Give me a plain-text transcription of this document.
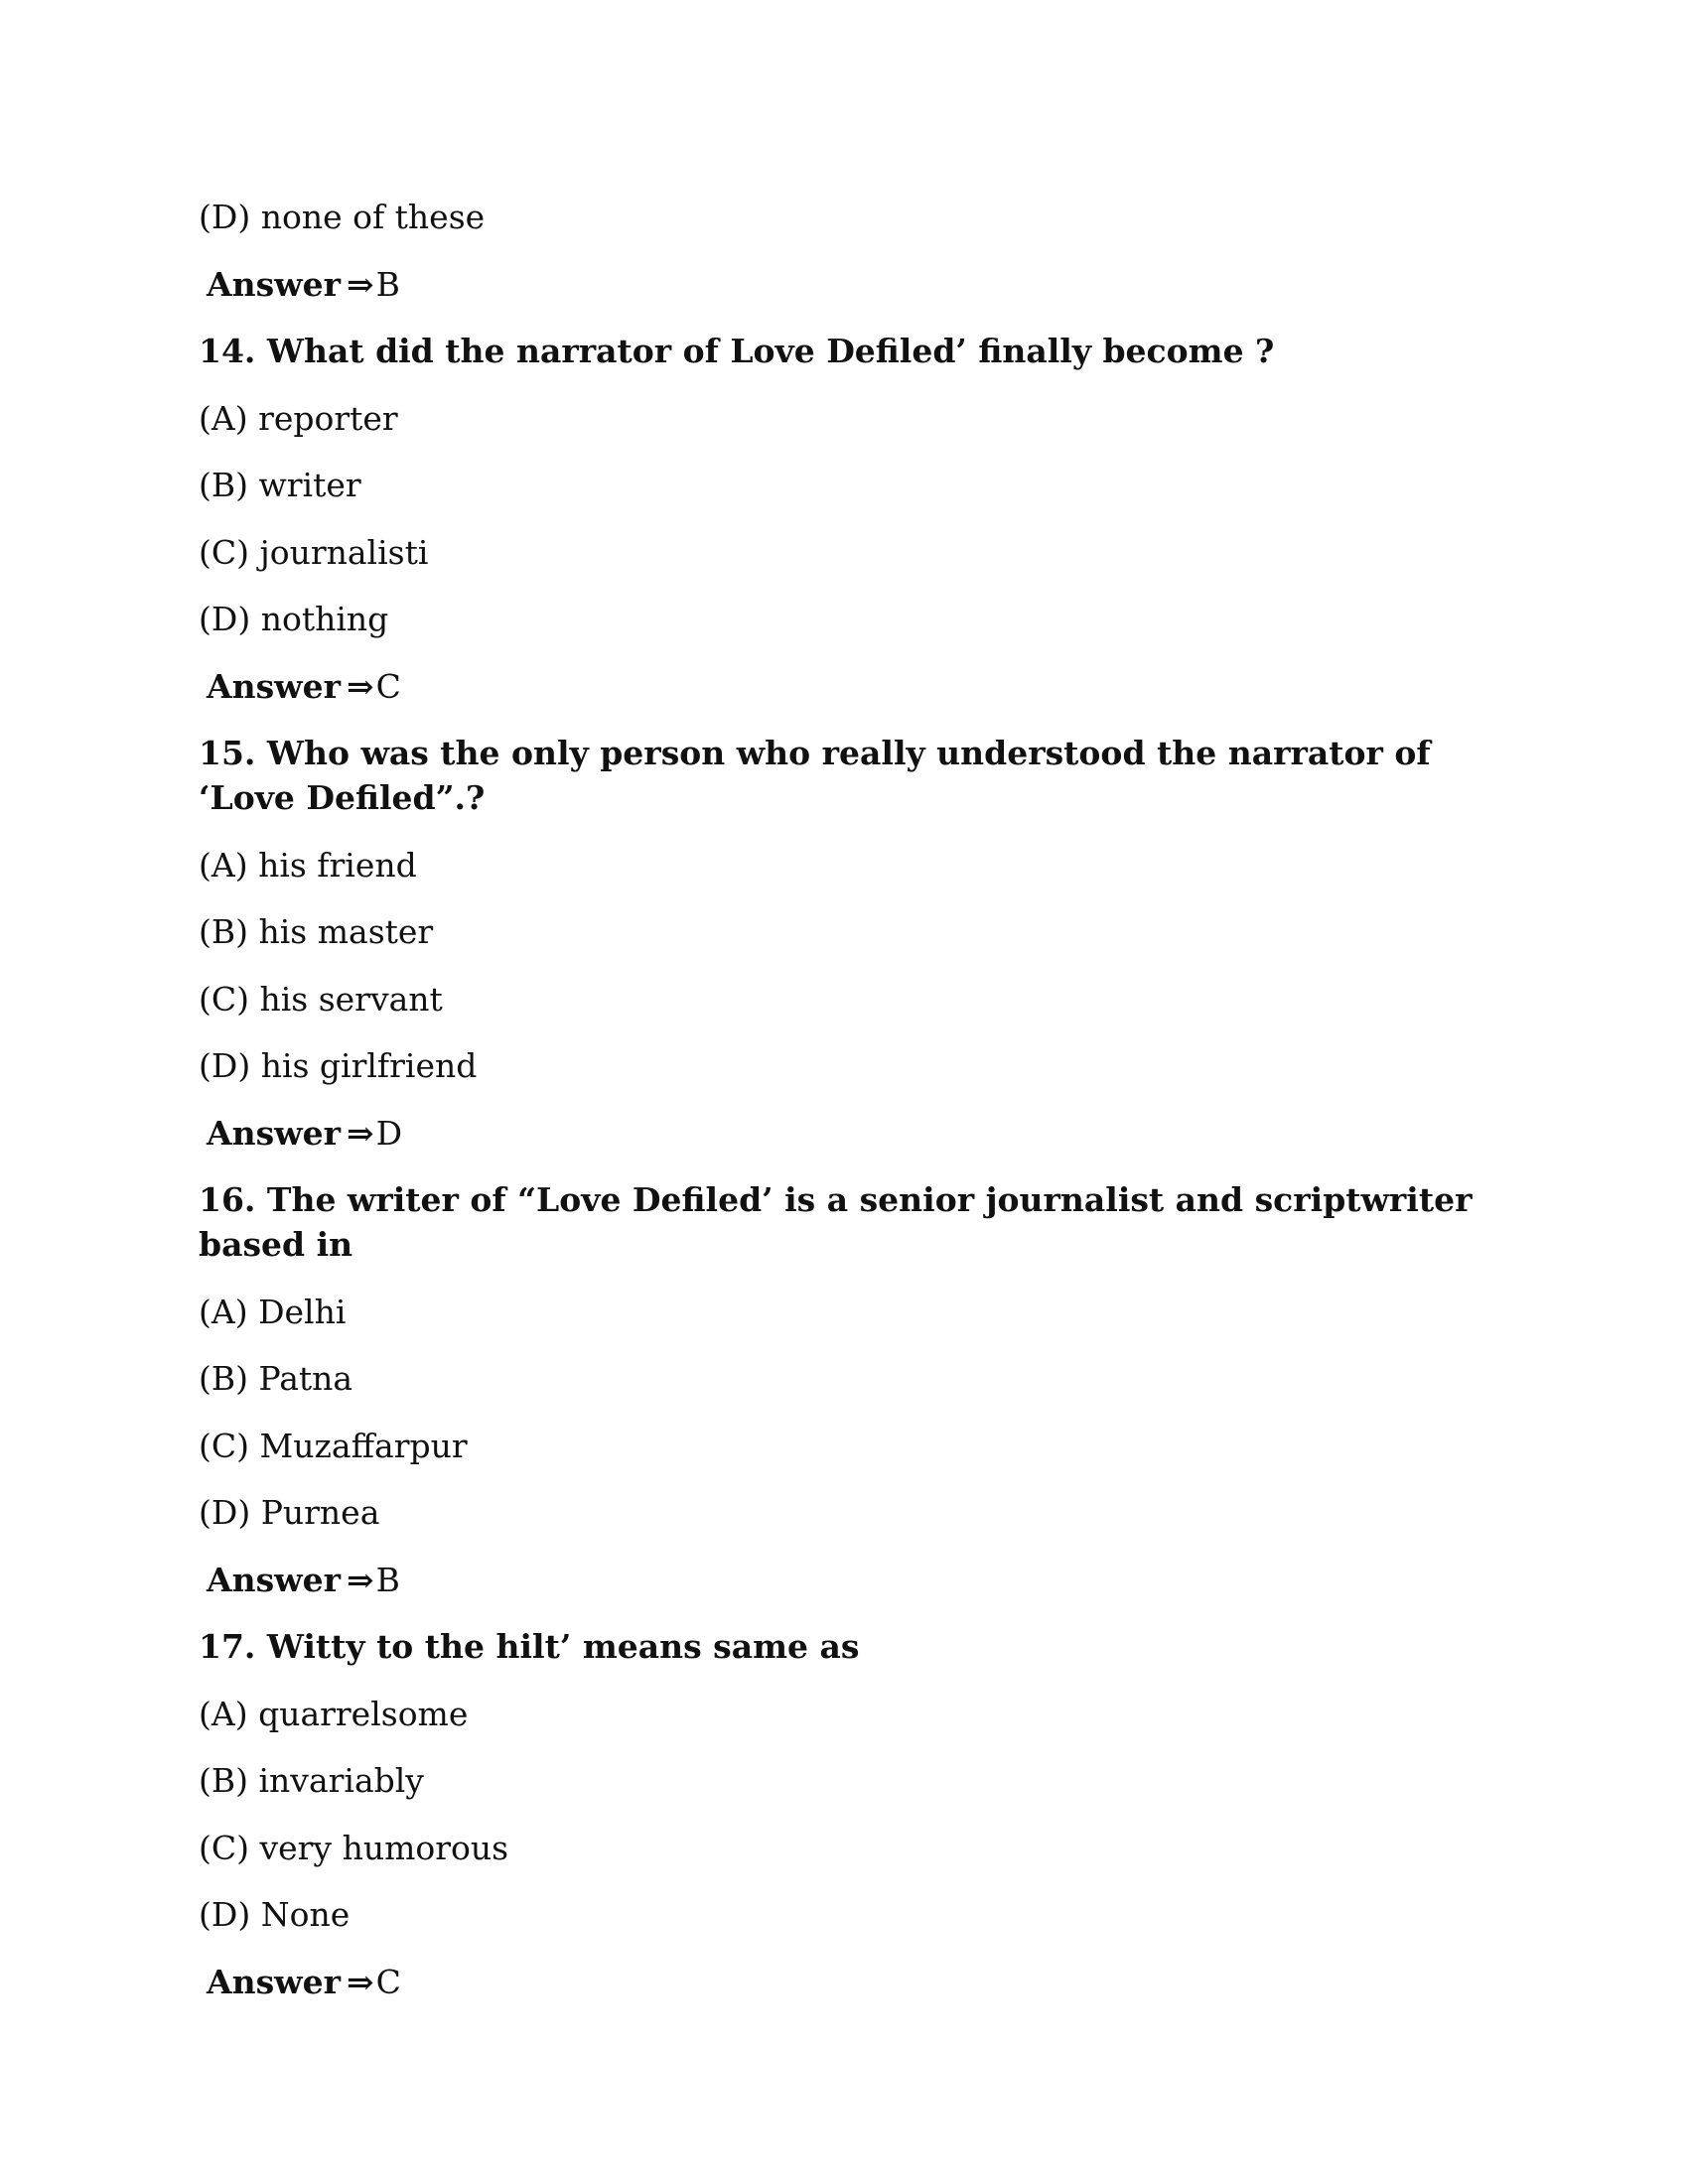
(D) none of these
Answer ⇒B
14. What did the narrator of Love Defiled’ finally become ?
(A) reporter
(B) writer
(C) journalisti
(D) nothing
Answer ⇒C
15. Who was the only person who really understood the narrator of ‘Love Defiled”.?
(A) his friend
(B) his master
(C) his servant
(D) his girlfriend
Answer ⇒D
16. The writer of “Love Defiled’ is a senior journalist and scriptwriter based in
(A) Delhi
(B) Patna
(C) Muzaffarpur
(D) Purnea
Answer ⇒B
17. Witty to the hilt’ means same as
(A) quarrelsome
(B) invariably
(C) very humorous
(D) None
Answer ⇒C
